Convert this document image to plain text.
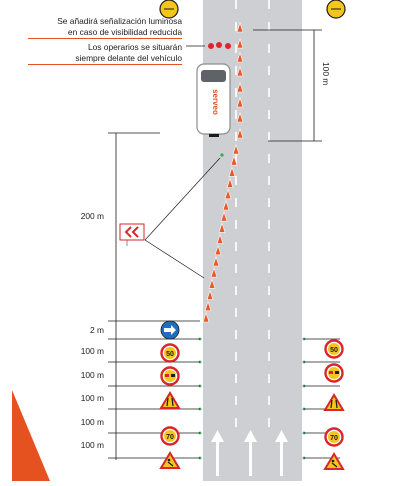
serveo
50
70
50
70
Se añadirá señalización luminosa
en caso de visibilidad reducida
Los operarios se situarán
siempre delante del vehículo
100 m
200 m
2 m
100 m
100 m
100 m
100 m
100 m
